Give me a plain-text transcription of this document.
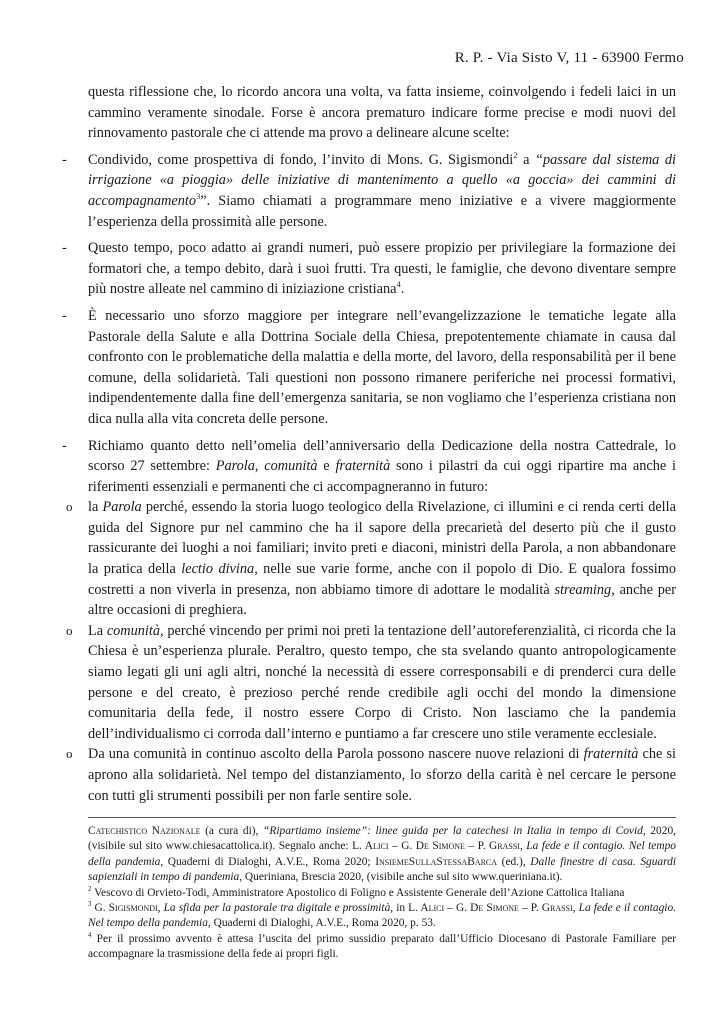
R. P. - Via Sisto V, 11 - 63900 Fermo

questa riflessione che, lo ricordo ancora una volta, va fatta insieme, coinvolgendo i fedeli laici in un cammino veramente sinodale. Forse è ancora prematuro indicare forme precise e modi nuovi del rinnovamento pastorale che ci attende ma provo a delineare alcune scelte:

- Condivido, come prospettiva di fondo, l’invito di Mons. G. Sigismondi$^2$ a “passare dal sistema di irrigazione «a pioggia» delle iniziative di mantenimento a quello «a goccia» dei cammini di accompagnamento$^3$”. Siamo chiamati a programmare meno iniziative e a vivere maggiormente l’esperienza della prossimità alle persone.

- Questo tempo, poco adatto ai grandi numeri, può essere propizio per privilegiare la formazione dei formatori che, a tempo debito, darà i suoi frutti. Tra questi, le famiglie, che devono diventare sempre più nostre alleate nel cammino di iniziazione cristiana$^4$.

- È necessario uno sforzo maggiore per integrare nell’evangelizzazione le tematiche legate alla Pastorale della Salute e alla Dottrina Sociale della Chiesa, prepotentemente chiamate in causa dal confronto con le problematiche della malattia e della morte, del lavoro, della responsabilità per il bene comune, della solidarietà. Tali questioni non possono rimanere periferiche nei processi formativi, indipendentemente dalla fine dell’emergenza sanitaria, se non vogliamo che l’esperienza cristiana non dica nulla alla vita concreta delle persone.

- Richiamo quanto detto nell’omelia dell’anniversario della Dedicazione della nostra Cattedrale, lo scorso 27 settembre: Parola, comunità e fraternità sono i pilastri da cui oggi ripartire ma anche i riferimenti essenziali e permanenti che ci accompagneranno in futuro:

o la Parola perché, essendo la storia luogo teologico della Rivelazione, ci illumini e ci renda certi della guida del Signore pur nel cammino che ha il sapore della precarietà del deserto più che il gusto rassicurante dei luoghi a noi familiari; invito preti e diaconi, ministri della Parola, a non abbandonare la pratica della lectio divina, nelle sue varie forme, anche con il popolo di Dio. E qualora fossimo costretti a non viverla in presenza, non abbiamo timore di adottare le modalità streaming, anche per altre occasioni di preghiera.

o La comunità, perché vincendo per primi noi preti la tentazione dell’autoreferenzialità, ci ricorda che la Chiesa è un’esperienza plurale. Peraltro, questo tempo, che sta svelando quanto antropologicamente siamo legati gli uni agli altri, nonché la necessità di essere corresponsabili e di prenderci cura delle persone e del creato, è prezioso perché rende credibile agli occhi del mondo la dimensione comunitaria della fede, il nostro essere Corpo di Cristo. Non lasciamo che la pandemia dell’individualismo ci corroda dall’interno e puntiamo a far crescere uno stile veramente ecclesiale.

o Da una comunità in continuo ascolto della Parola possono nascere nuove relazioni di fraternità che si aprono alla solidarietà. Nel tempo del distanziamento, lo sforzo della carità è nel cercare le persone con tutti gli strumenti possibili per non farle sentire sole.

Catechistico Nazionale (a cura di), “Ripartiamo insieme”: linee guida per la catechesi in Italia in tempo di Covid, 2020, (visibile sul sito www.chiesacattolica.it). Segnalo anche: L. Alici – G. De Simone – P. Grassi, La fede e il contagio. Nel tempo della pandemia, Quaderni di Dialoghi, A.V.E., Roma 2020; InsiemeSullaStessaBarca (ed.), Dalle finestre di casa. Sguardi sapienziali in tempo di pandemia, Queriniana, Brescia 2020, (visibile anche sul sito www.queriniana.it).

$^2$ Vescovo di Orvieto-Todi, Amministratore Apostolico di Foligno e Assistente Generale dell’Azione Cattolica Italiana

$^3$ G. Sigismondi, La sfida per la pastorale tra digitale e prossimità, in L. Alici – G. De Simone – P. Grassi, La fede e il contagio. Nel tempo della pandemia, Quaderni di Dialoghi, A.V.E., Roma 2020, p. 53.

$^4$ Per il prossimo avvento è attesa l’uscita del primo sussidio preparato dall’Ufficio Diocesano di Pastorale Familiare per accompagnare la trasmissione della fede ai propri figli.
